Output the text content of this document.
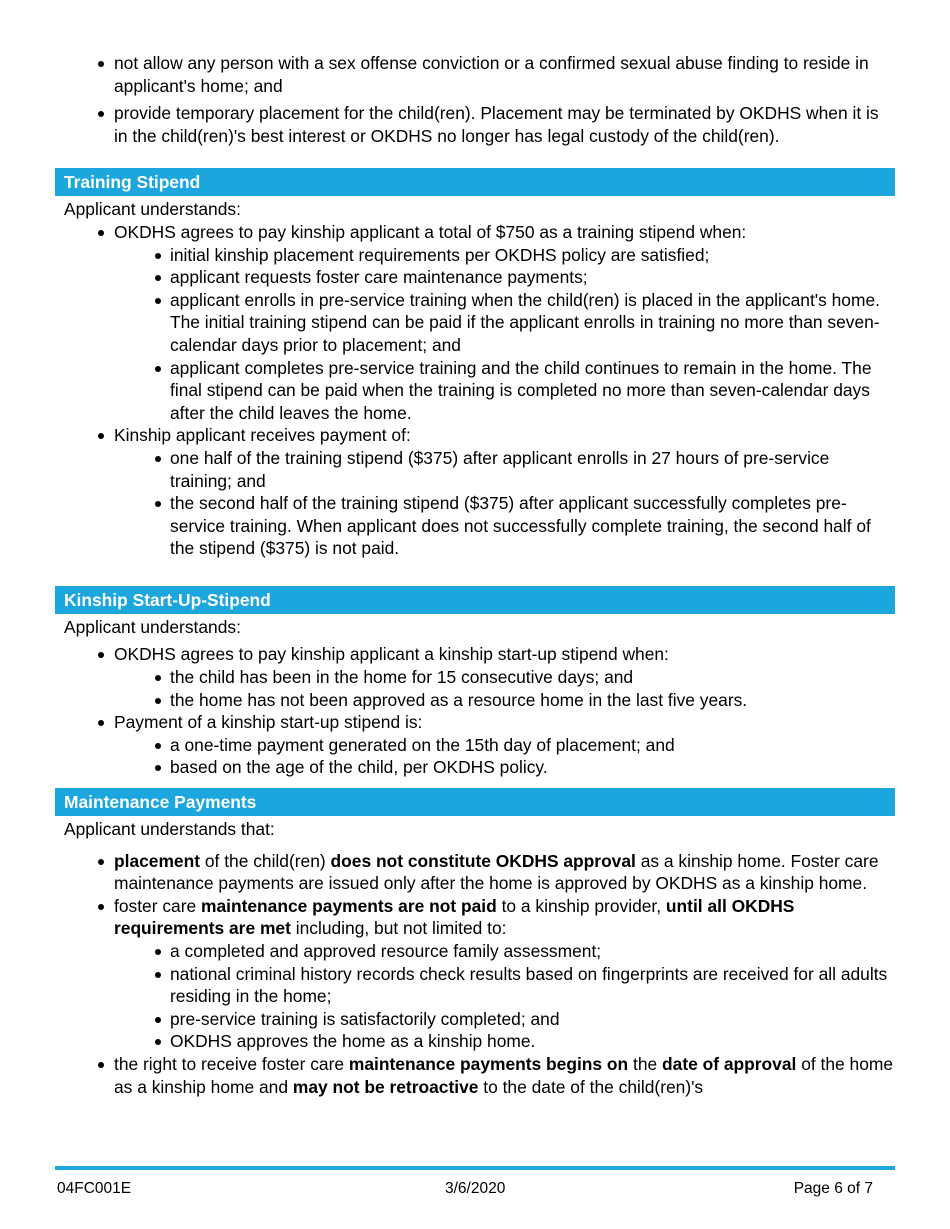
not allow any person with a sex offense conviction or a confirmed sexual abuse finding to reside in applicant's home; and
provide temporary placement for the child(ren). Placement may be terminated by OKDHS when it is in the child(ren)'s best interest or OKDHS no longer has legal custody of the child(ren).
Training Stipend
Applicant understands:
OKDHS agrees to pay kinship applicant a total of $750 as a training stipend when:
initial kinship placement requirements per OKDHS policy are satisfied;
applicant requests foster care maintenance payments;
applicant enrolls in pre-service training when the child(ren) is placed in the applicant's home. The initial training stipend can be paid if the applicant enrolls in training no more than seven-calendar days prior to placement; and
applicant completes pre-service training and the child continues to remain in the home. The final stipend can be paid when the training is completed no more than seven-calendar days after the child leaves the home.
Kinship applicant receives payment of:
one half of the training stipend ($375) after applicant enrolls in 27 hours of pre-service training; and
the second half of the training stipend ($375) after applicant successfully completes pre-service training. When applicant does not successfully complete training, the second half of the stipend ($375) is not paid.
Kinship Start-Up-Stipend
Applicant understands:
OKDHS agrees to pay kinship applicant a kinship start-up stipend when:
the child has been in the home for 15 consecutive days; and
the home has not been approved as a resource home in the last five years.
Payment of a kinship start-up stipend is:
a one-time payment generated on the 15th day of placement; and
based on the age of the child, per OKDHS policy.
Maintenance Payments
Applicant understands that:
placement of the child(ren) does not constitute OKDHS approval as a kinship home. Foster care maintenance payments are issued only after the home is approved by OKDHS as a kinship home.
foster care maintenance payments are not paid to a kinship provider, until all OKDHS requirements are met including, but not limited to:
a completed and approved resource family assessment;
national criminal history records check results based on fingerprints are received for all adults residing in the home;
pre-service training is satisfactorily completed; and
OKDHS approves the home as a kinship home.
the right to receive foster care maintenance payments begins on the date of approval of the home as a kinship home and may not be retroactive to the date of the child(ren)'s
04FC001E	3/6/2020	Page 6 of 7
